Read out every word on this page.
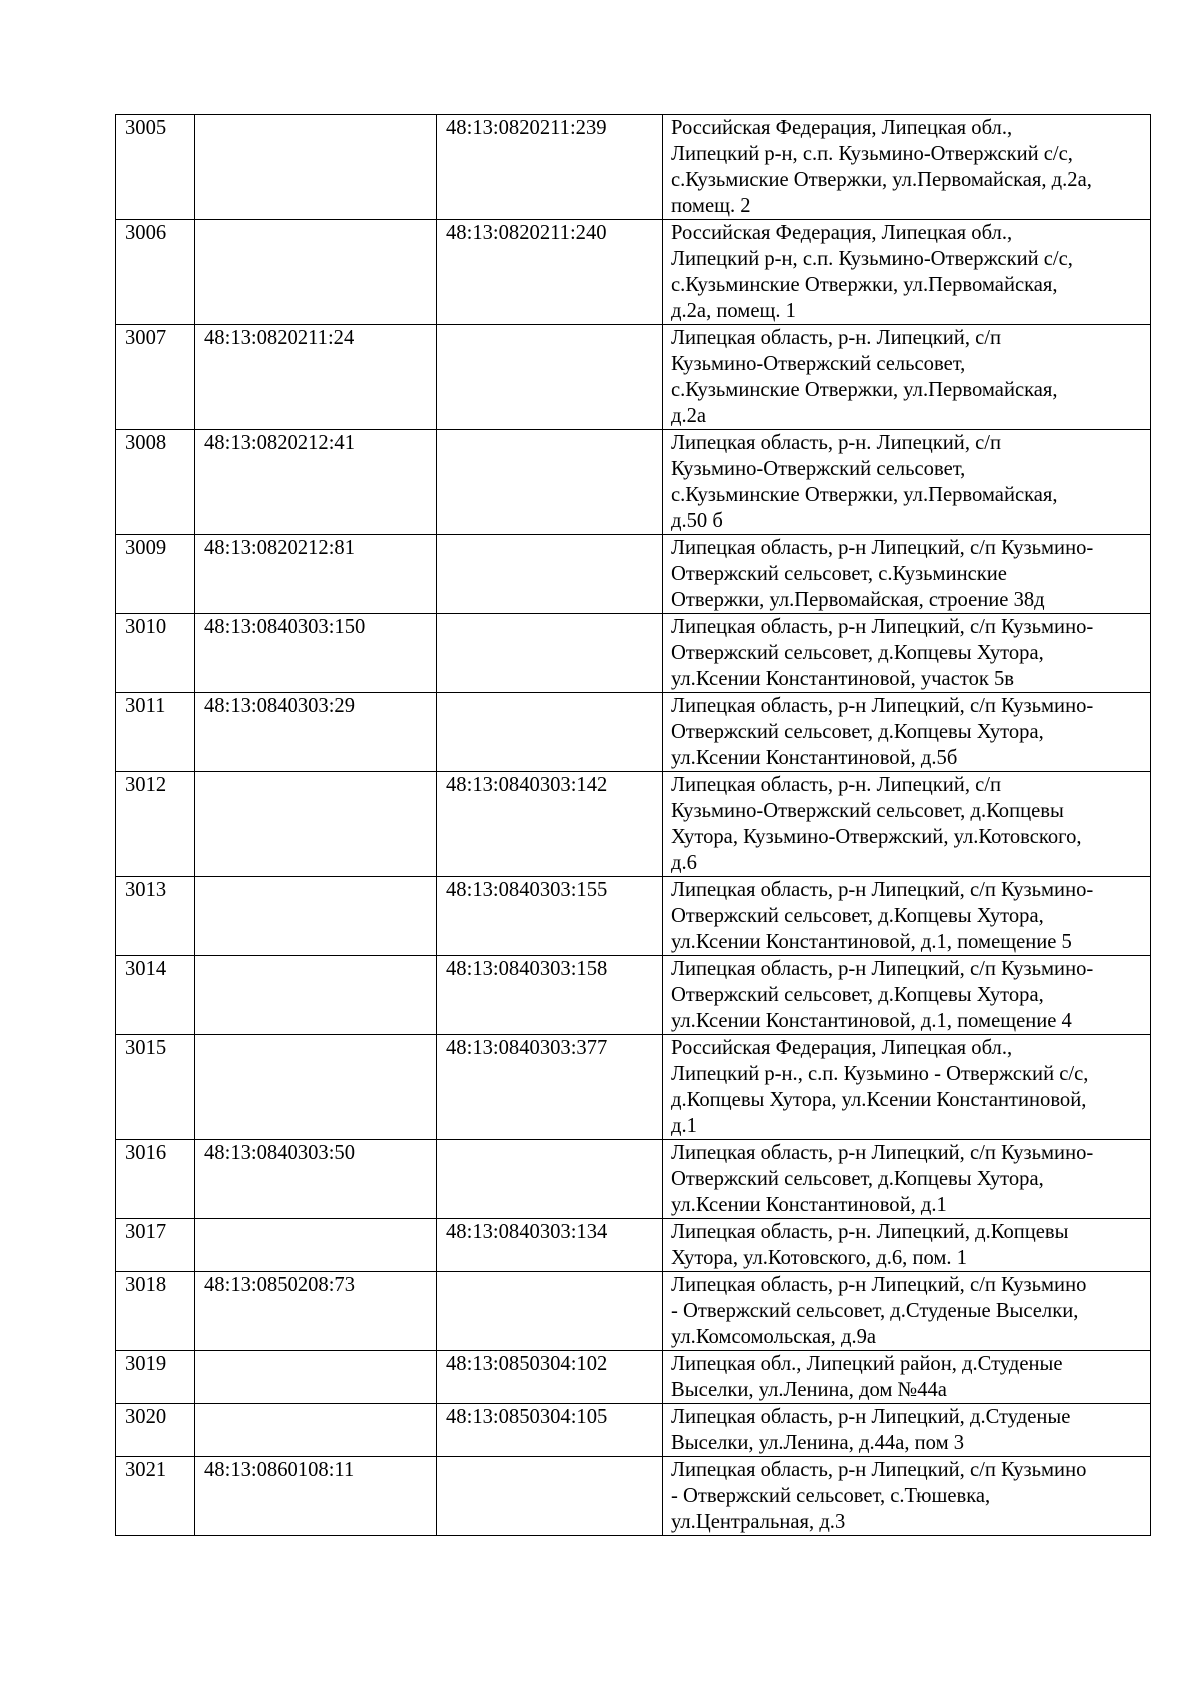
3005		48:13:0820211:239	Российская Федерация, Липецкая обл.,
Липецкий р-н, с.п. Кузьмино-Отвержский с/с,
с.Кузьмиские Отвержки, ул.Первомайская, д.2а,
помещ. 2

3006		48:13:0820211:240	Российская Федерация, Липецкая обл.,
Липецкий р-н, с.п. Кузьмино-Отвержский с/с,
с.Кузьминские Отвержки, ул.Первомайская,
д.2а, помещ. 1

3007	48:13:0820211:24		Липецкая область, р-н. Липецкий, с/п
Кузьмино-Отвержский сельсовет,
с.Кузьминские Отвержки, ул.Первомайская,
д.2а

3008	48:13:0820212:41		Липецкая область, р-н. Липецкий, с/п
Кузьмино-Отвержский сельсовет,
с.Кузьминские Отвержки, ул.Первомайская,
д.50 б

3009	48:13:0820212:81		Липецкая область, р-н Липецкий, с/п Кузьмино-
Отвержский сельсовет, с.Кузьминские
Отвержки, ул.Первомайская, строение 38д

3010	48:13:0840303:150		Липецкая область, р-н Липецкий, с/п Кузьмино-
Отвержский сельсовет, д.Копцевы Хутора,
ул.Ксении Константиновой, участок 5в

3011	48:13:0840303:29		Липецкая область, р-н Липецкий, с/п Кузьмино-
Отвержский сельсовет, д.Копцевы Хутора,
ул.Ксении Константиновой, д.5б

3012		48:13:0840303:142	Липецкая область, р-н. Липецкий, с/п
Кузьмино-Отвержский сельсовет, д.Копцевы
Хутора, Кузьмино-Отвержский, ул.Котовского,
д.6

3013		48:13:0840303:155	Липецкая область, р-н Липецкий, с/п Кузьмино-
Отвержский сельсовет, д.Копцевы Хутора,
ул.Ксении Константиновой, д.1, помещение 5

3014		48:13:0840303:158	Липецкая область, р-н Липецкий, с/п Кузьмино-
Отвержский сельсовет, д.Копцевы Хутора,
ул.Ксении Константиновой, д.1, помещение 4

3015		48:13:0840303:377	Российская Федерация, Липецкая обл.,
Липецкий р-н., с.п. Кузьмино - Отвержский с/с,
д.Копцевы Хутора, ул.Ксении Константиновой,
д.1

3016	48:13:0840303:50		Липецкая область, р-н Липецкий, с/п Кузьмино-
Отвержский сельсовет, д.Копцевы Хутора,
ул.Ксении Константиновой, д.1

3017		48:13:0840303:134	Липецкая область, р-н. Липецкий, д.Копцевы
Хутора, ул.Котовского, д.6, пом. 1

3018	48:13:0850208:73		Липецкая область, р-н Липецкий, с/п Кузьмино
- Отвержский сельсовет, д.Студеные Выселки,
ул.Комсомольская, д.9а

3019		48:13:0850304:102	Липецкая обл., Липецкий район, д.Студеные
Выселки, ул.Ленина, дом №44а

3020		48:13:0850304:105	Липецкая область, р-н Липецкий, д.Студеные
Выселки, ул.Ленина, д.44а, пом 3

3021	48:13:0860108:11		Липецкая область, р-н Липецкий, с/п Кузьмино
- Отвержский сельсовет, с.Тюшевка,
ул.Центральная, д.3
